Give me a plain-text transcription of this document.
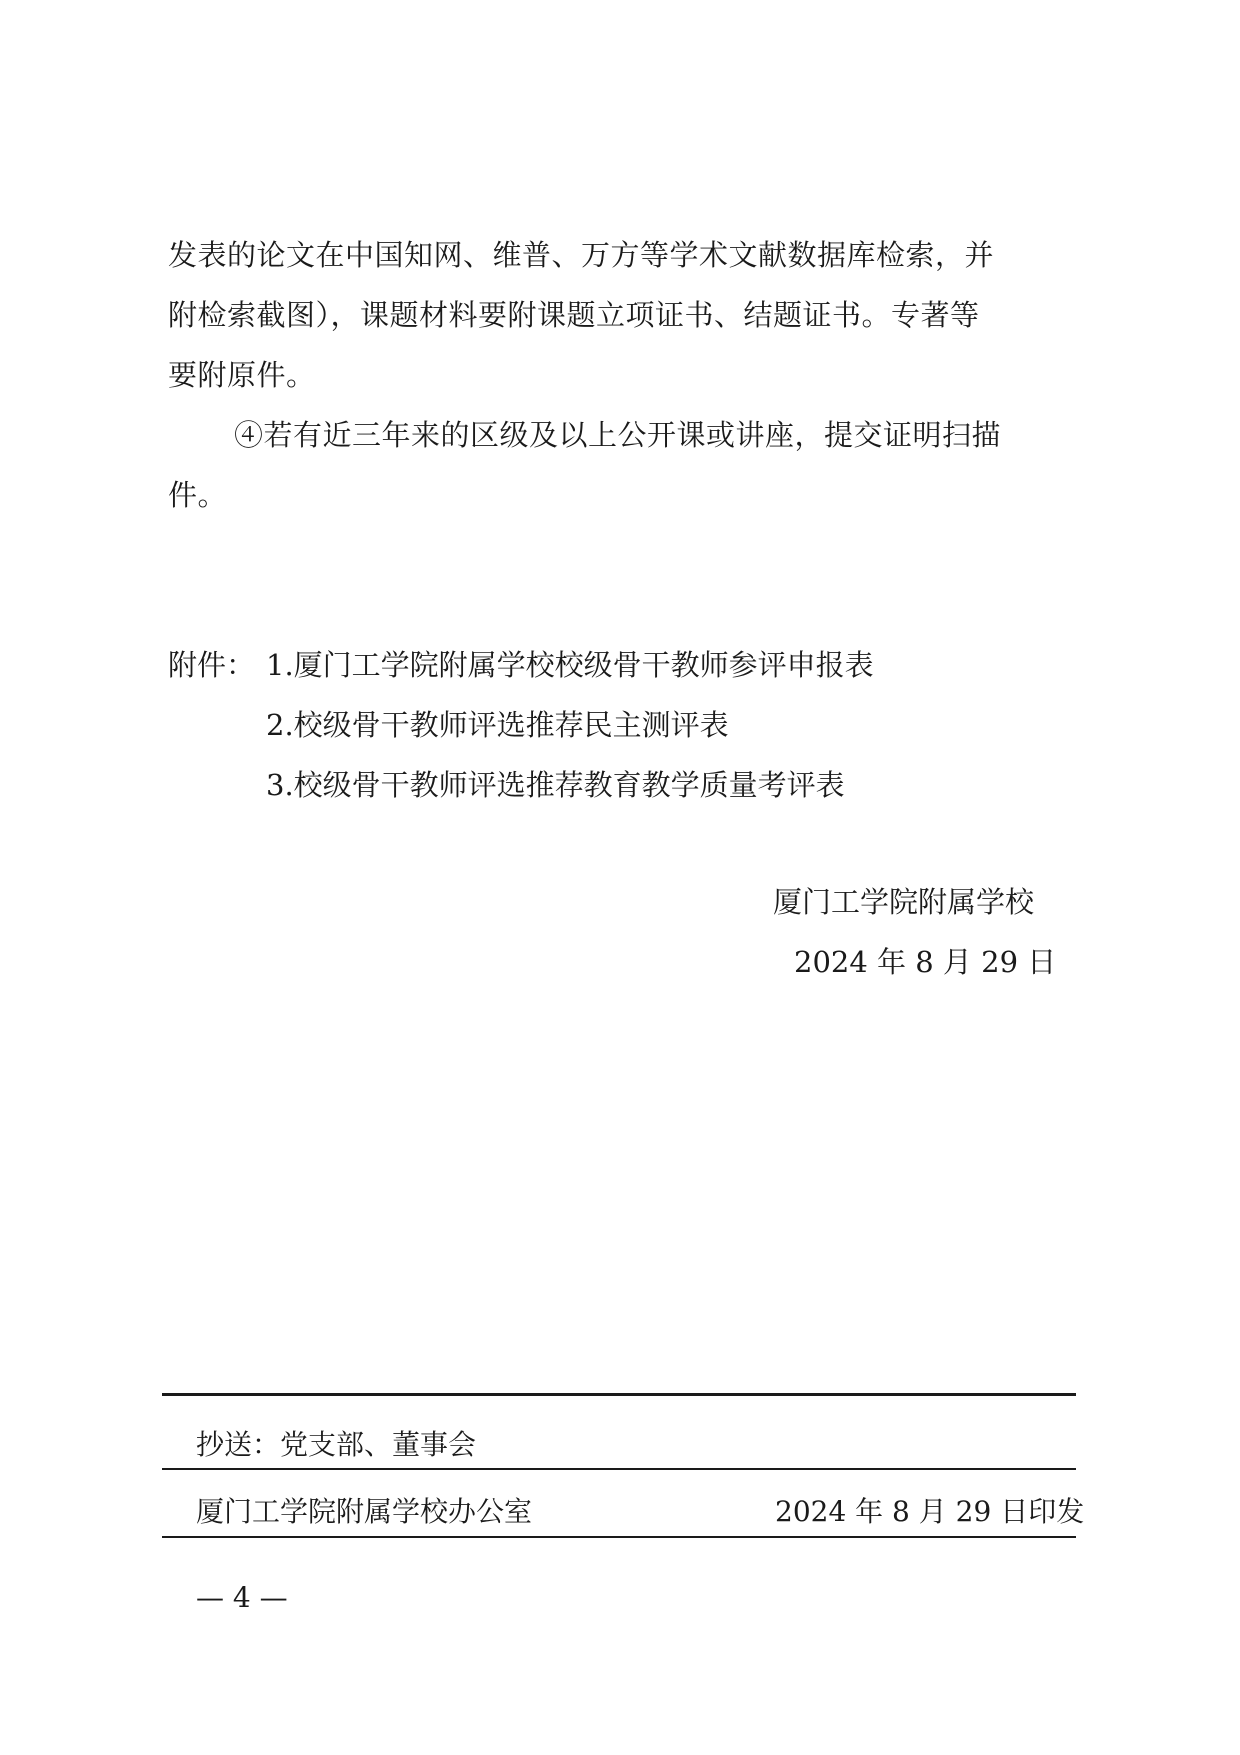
发表的论文在中国知网、维普、万方等学术文献数据库检索，并
附检索截图），课题材料要附课题立项证书、结题证书。专著等
要附原件。
④若有近三年来的区级及以上公开课或讲座，提交证明扫描
件。
附件： 1.厦门工学院附属学校校级骨干教师参评申报表
2.校级骨干教师评选推荐民主测评表
3.校级骨干教师评选推荐教育教学质量考评表
厦门工学院附属学校
2024 年 8 月 29 日
抄送：党支部、董事会
厦门工学院附属学校办公室	2024 年 8 月 29 日印发
— 4 —
